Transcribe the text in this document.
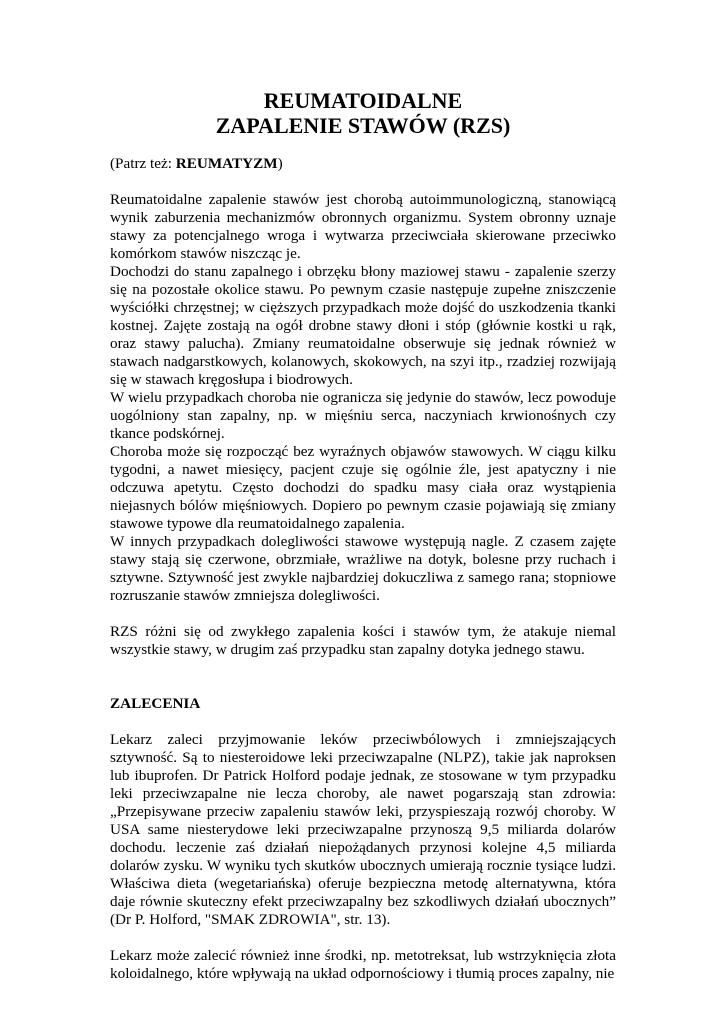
REUMATOIDALNE
ZAPALENIE STAWÓW (RZS)
(Patrz też: REUMATYZM)

Reumatoidalne zapalenie stawów jest chorobą autoimmunologiczną, stanowiącą wynik zaburzenia mechanizmów obronnych organizmu. System obronny uznaje stawy za potencjalnego wroga i wytwarza przeciwciała skierowane przeciwko komórkom stawów niszcząc je.

Dochodzi do stanu zapalnego i obrzęku błony maziowej stawu - zapalenie szerzy się na pozostałe okolice stawu. Po pewnym czasie następuje zupełne zniszczenie wyściółki chrzęstnej; w cięższych przypadkach może dojść do uszkodzenia tkanki kostnej. Zajęte zostają na ogół drobne stawy dłoni i stóp (głównie kostki u rąk, oraz stawy palucha). Zmiany reumatoidalne obserwuje się jednak również w stawach nadgarstkowych, kolanowych, skokowych, na szyi itp., rzadziej rozwijają się w stawach kręgosłupa i biodrowych.

W wielu przypadkach choroba nie ogranicza się jedynie do stawów, lecz powoduje uogólniony stan zapalny, np. w mięśniu serca, naczyniach krwionośnych czy tkance podskórnej.

Choroba może się rozpocząć bez wyraźnych objawów stawowych. W ciągu kilku tygodni, a nawet miesięcy, pacjent czuje się ogólnie źle, jest apatyczny i nie odczuwa apetytu. Często dochodzi do spadku masy ciała oraz wystąpienia niejasnych bólów mięśniowych. Dopiero po pewnym czasie pojawiają się zmiany stawowe typowe dla reumatoidalnego zapalenia.

W innych przypadkach dolegliwości stawowe występują nagle. Z czasem zajęte stawy stają się czerwone, obrzmiałe, wrażliwe na dotyk, bolesne przy ruchach i sztywne. Sztywność jest zwykle najbardziej dokuczliwa z samego rana; stopniowe rozruszanie stawów zmniejsza dolegliwości.

RZS różni się od zwykłego zapalenia kości i stawów tym, że atakuje niemal wszystkie stawy, w drugim zaś przypadku stan zapalny dotyka jednego stawu.

ZALECENIA

Lekarz zaleci przyjmowanie leków przeciwbólowych i zmniejszających sztywność. Są to niesteroidowe leki przeciwzapalne (NLPZ), takie jak naproksen lub ibuprofen. Dr Patrick Holford podaje jednak, ze stosowane w tym przypadku leki przeciwzapalne nie lecza choroby, ale nawet pogarszają stan zdrowia: „Przepisywane przeciw zapaleniu stawów leki, przyspieszają rozwój choroby. W USA same niesterydowe leki przeciwzapalne przynoszą 9,5 miliarda dolarów dochodu. leczenie zaś działań niepożądanych przynosi kolejne 4,5 miliarda dolarów zysku. W wyniku tych skutków ubocznych umierają rocznie tysiące ludzi. Właściwa dieta (wegetariańska) oferuje bezpieczna metodę alternatywna, która daje równie skuteczny efekt przeciwzapalny bez szkodliwych działań ubocznych” (Dr P. Holford, "SMAK ZDROWIA", str. 13).

Lekarz może zalecić również inne środki, np. metotreksat, lub wstrzyknięcia złota koloidalnego, które wpływają na układ odpornościowy i tłumią proces zapalny, nie
